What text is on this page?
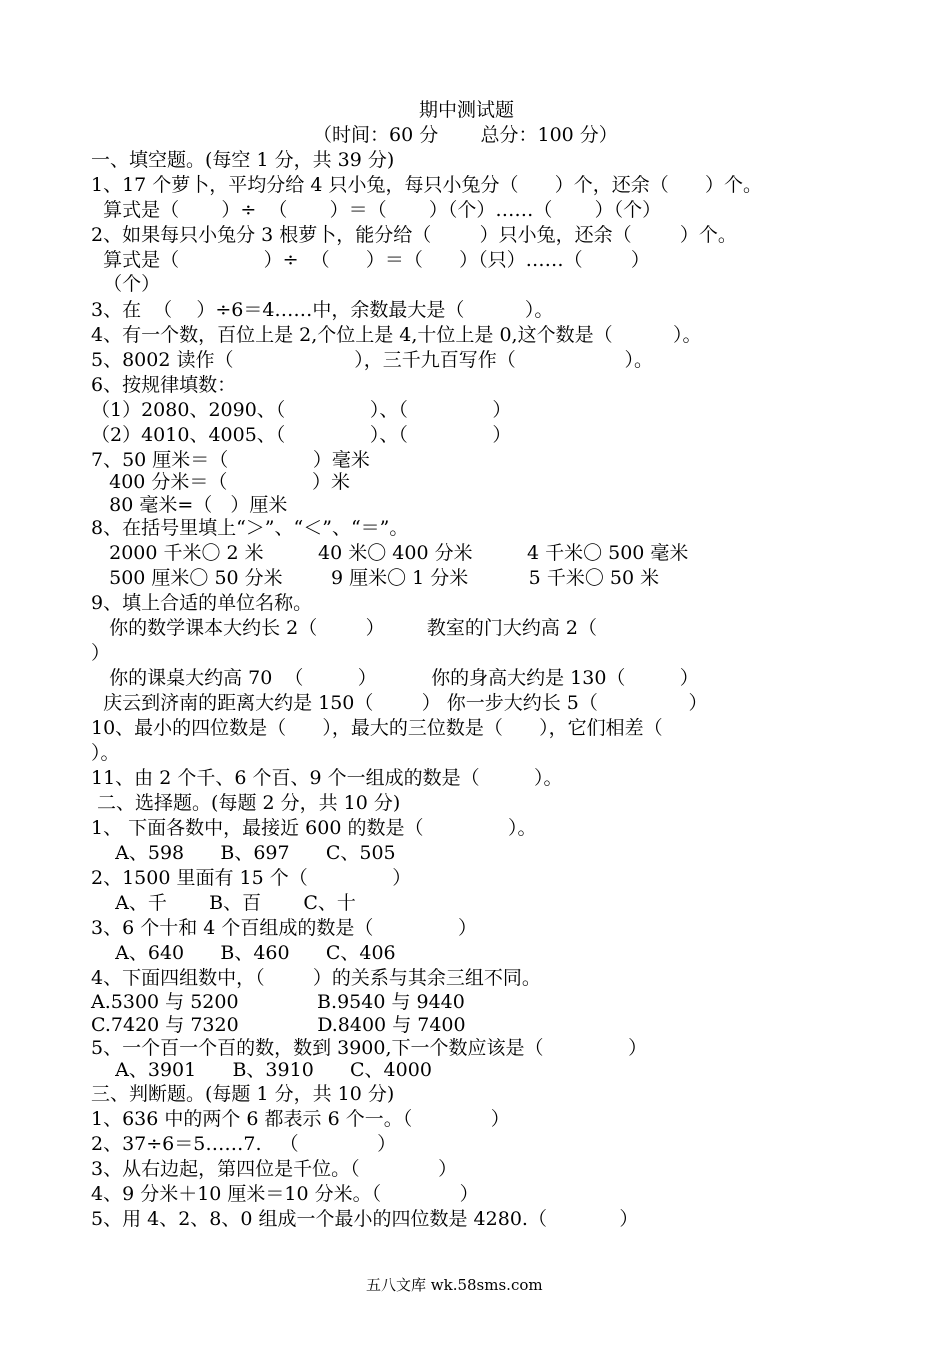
期中测试题
（时间：60 分       总分：100 分）
一、填空题。(每空 1 分，共 39 分)
1、17 个萝卜，平均分给 4 只小兔，每只小兔分（      ）个，还余（      ）个。
算式是（       ）÷  （       ）＝（       ）（个）……（       ）（个）
2、如果每只小兔分 3 根萝卜，能分给（        ）只小兔，还余（        ）个。
算式是（              ）÷  （      ）＝（      ）（只）……（        ）
（个）
3、在  （    ）÷6＝4……中，余数最大是（          ）。
4、有一个数，百位上是 2,个位上是 4,十位上是 0,这个数是（          ）。
5、8002 读作（                    ），三千九百写作（                  ）。
6、按规律填数：
（1）2080、2090、（              ）、（              ）
（2）4010、4005、（              ）、（              ）
7、50 厘米＝（              ）毫米
400 分米＝（              ）米
80 毫米=（   ）厘米
8、在括号里填上“＞”、“＜”、“＝”。
2000 千米〇 2 米         40 米〇 400 分米         4 千米〇 500 毫米
500 厘米〇 50 分米        9 厘米〇 1 分米          5 千米〇 50 米
9、填上合适的单位名称。
你的数学课本大约长 2（        ）       教室的门大约高 2（
）
你的课桌大约高 70  （         ）         你的身高大约是 130（         ）
庆云到济南的距离大约是 150（        ） 你一步大约长 5（               ）
10、最小的四位数是（      ），最大的三位数是（      ），它们相差（
）。
11、由 2 个千、6 个百、9 个一组成的数是（         ）。
二、选择题。(每题 2 分，共 10 分)
1、 下面各数中，最接近 600 的数是（              ）。
A、598      B、697      C、505
2、1500 里面有 15 个（              ）
A、千       B、百       C、十
3、6 个十和 4 个百组成的数是（              ）
A、640      B、460      C、406
4、下面四组数中，（        ）的关系与其余三组不同。
A.5300 与 5200             B.9540 与 9440
C.7420 与 7320             D.8400 与 7400
5、一个百一个百的数，数到 3900,下一个数应该是（              ）
A、3901      B、3910      C、4000
三、判断题。(每题 1 分，共 10 分)
1、636 中的两个 6 都表示 6 个一。（             ）
2、37÷6＝5……7.   （             ）
3、从右边起，第四位是千位。（             ）
4、9 分米＋10 厘米＝10 分米。（             ）
5、用 4、2、8、0 组成一个最小的四位数是 4280.（            ）
五八文库 wk.58sms.com
